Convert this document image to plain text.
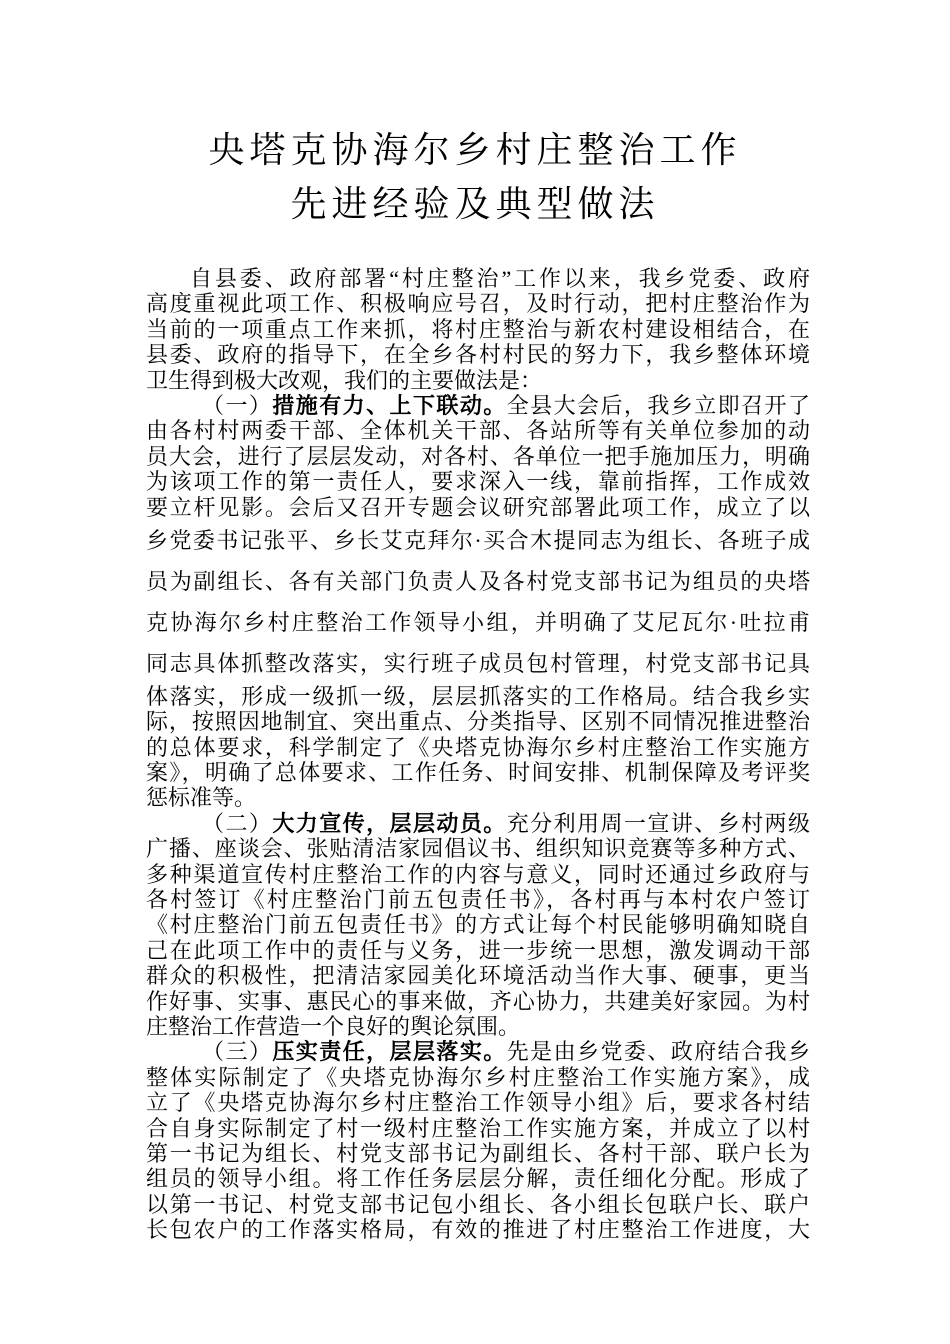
央塔克协海尔乡村庄整治工作
先进经验及典型做法
自县委、政府部署“村庄整治”工作以来，我乡党委、政府
高度重视此项工作、积极响应号召，及时行动，把村庄整治作为
当前的一项重点工作来抓，将村庄整治与新农村建设相结合，在
县委、政府的指导下，在全乡各村村民的努力下，我乡整体环境
卫生得到极大改观，我们的主要做法是：
（一）措施有力、上下联动。全县大会后，我乡立即召开了
由各村村两委干部、全体机关干部、各站所等有关单位参加的动
员大会，进行了层层发动，对各村、各单位一把手施加压力，明确
为该项工作的第一责任人，要求深入一线，靠前指挥，工作成效
要立杆见影。会后又召开专题会议研究部署此项工作，成立了以
乡党委书记张平、乡长艾克拜尔·买合木提同志为组长、各班子成
员为副组长、各有关部门负责人及各村党支部书记为组员的央塔
克协海尔乡村庄整治工作领导小组，并明确了艾尼瓦尔·吐拉甫
同志具体抓整改落实，实行班子成员包村管理，村党支部书记具
体落实，形成一级抓一级，层层抓落实的工作格局。结合我乡实
际，按照因地制宜、突出重点、分类指导、区别不同情况推进整治
的总体要求，科学制定了《央塔克协海尔乡村庄整治工作实施方
案》，明确了总体要求、工作任务、时间安排、机制保障及考评奖
惩标准等。
（二）大力宣传，层层动员。充分利用周一宣讲、乡村两级
广播、座谈会、张贴清洁家园倡议书、组织知识竞赛等多种方式、
多种渠道宣传村庄整治工作的内容与意义，同时还通过乡政府与
各村签订《村庄整治门前五包责任书》，各村再与本村农户签订
《村庄整治门前五包责任书》的方式让每个村民能够明确知晓自
己在此项工作中的责任与义务，进一步统一思想，激发调动干部
群众的积极性，把清洁家园美化环境活动当作大事、硬事，更当
作好事、实事、惠民心的事来做，齐心协力，共建美好家园。为村
庄整治工作营造一个良好的舆论氛围。
（三）压实责任，层层落实。先是由乡党委、政府结合我乡
整体实际制定了《央塔克协海尔乡村庄整治工作实施方案》，成
立了《央塔克协海尔乡村庄整治工作领导小组》后，要求各村结
合自身实际制定了村一级村庄整治工作实施方案，并成立了以村
第一书记为组长、村党支部书记为副组长、各村干部、联户长为
组员的领导小组。将工作任务层层分解，责任细化分配。形成了
以第一书记、村党支部书记包小组长、各小组长包联户长、联户
长包农户的工作落实格局，有效的推进了村庄整治工作进度，大
